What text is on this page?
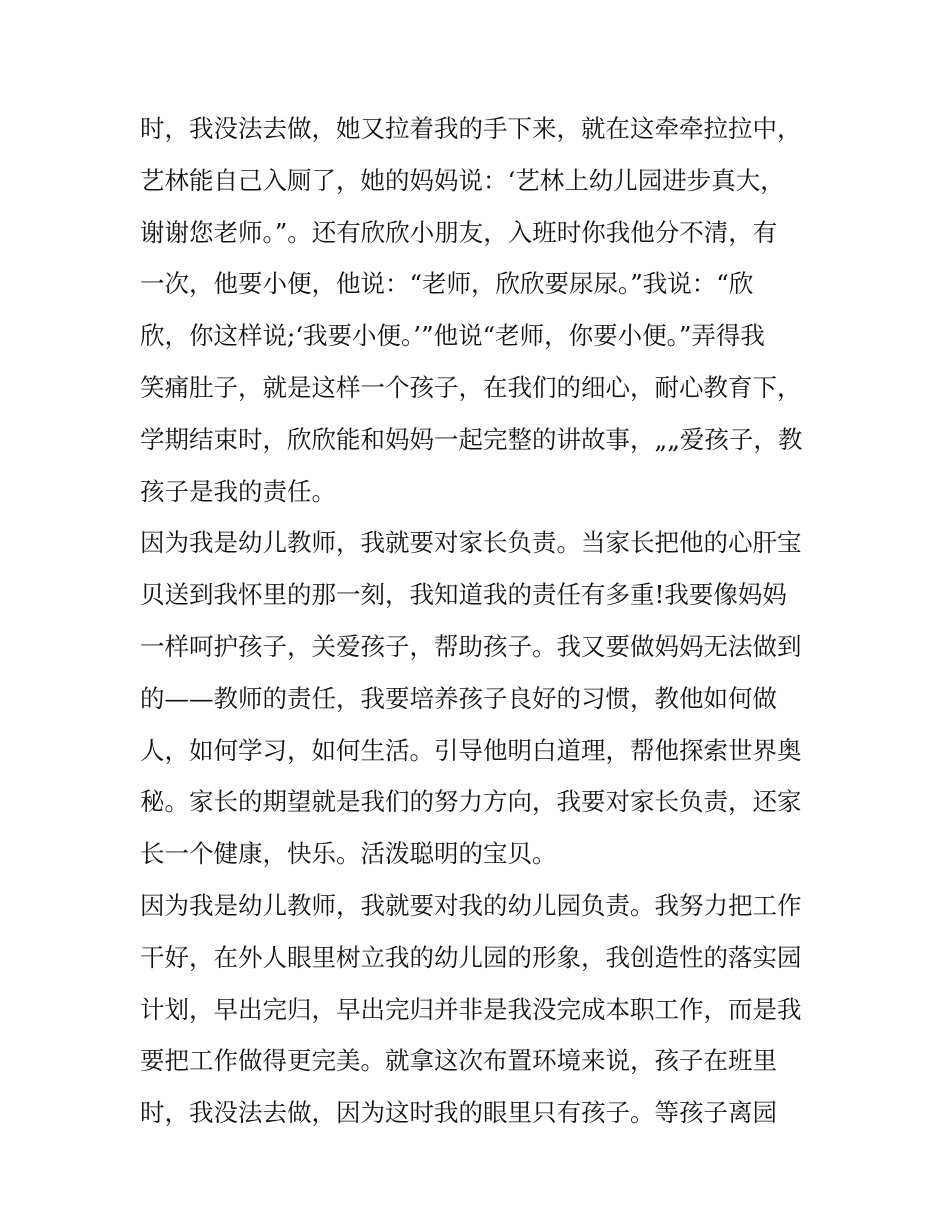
时，我没法去做，她又拉着我的手下来，就在这牵牵拉拉中，
艺林能自己入厕了，她的妈妈说：‘艺林上幼儿园进步真大，
谢谢您老师。”。还有欣欣小朋友，入班时你我他分不清，有
一次，他要小便，他说：“老师，欣欣要尿尿。”我说：“欣
欣，你这样说;‘我要小便。’”他说“老师，你要小便。”弄得我
笑痛肚子，就是这样一个孩子，在我们的细心，耐心教育下，
学期结束时，欣欣能和妈妈一起完整的讲故事，„„爱孩子，教
孩子是我的责任。
因为我是幼儿教师，我就要对家长负责。当家长把他的心肝宝
贝送到我怀里的那一刻，我知道我的责任有多重!我要像妈妈
一样呵护孩子，关爱孩子，帮助孩子。我又要做妈妈无法做到
的——教师的责任，我要培养孩子良好的习惯，教他如何做
人，如何学习，如何生活。引导他明白道理，帮他探索世界奥
秘。家长的期望就是我们的努力方向，我要对家长负责，还家
长一个健康，快乐。活泼聪明的宝贝。
因为我是幼儿教师，我就要对我的幼儿园负责。我努力把工作
干好，在外人眼里树立我的幼儿园的形象，我创造性的落实园
计划，早出完归，早出完归并非是我没完成本职工作，而是我
要把工作做得更完美。就拿这次布置环境来说，孩子在班里
时，我没法去做，因为这时我的眼里只有孩子。等孩子离园
